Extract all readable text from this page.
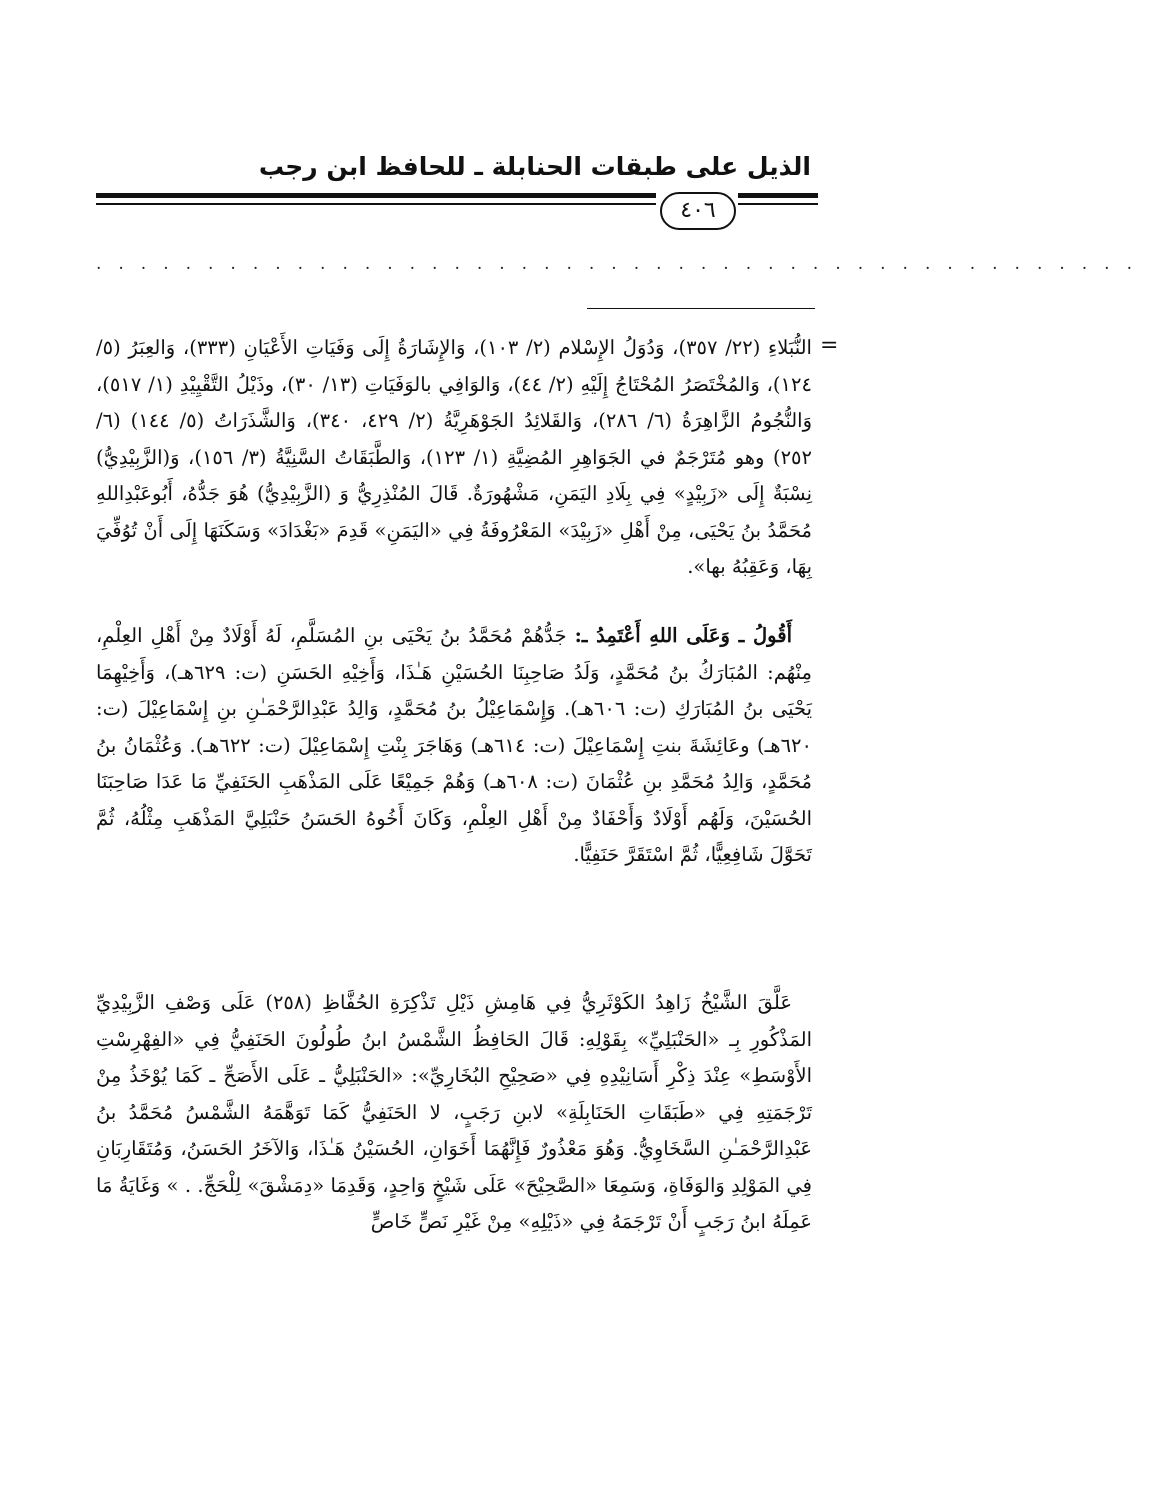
الذيل على طبقات الحنابلة ـ للحافظ ابن رجب
٤٠٦
...............................................
=
النُّبَلاءِ (٢٢/ ٣٥٧)، وَدُوَلُ الإِسْلام (٢/ ١٠٣)، وَالإِشَارَةُ إِلَى وَفَيَاتِ الأَعْيَانِ (٣٣٣)، وَالعِبَرُ (٥/ ١٢٤)، وَالمُخْتَصَرُ المُحْتَاجُ إِلَيْهِ (٢/ ٤٤)، وَالوَافِي بالوَفَيَاتِ (١٣/ ٣٠)، وذَيْلُ التَّقْيِيْدِ (١/ ٥١٧)، وَالنُّجُومُ الزَّاهِرَةُ (٦/ ٢٨٦)، وَالقَلائِدُ الجَوْهَرِيَّةُ (٢/ ٤٢٩، ٣٤٠)، وَالشَّذَرَاتُ (٥/ ١٤٤) (٦/ ٢٥٢) وهو مُتَرْجَمٌ في الجَوَاهِرِ المُضِيَّةِ (١/ ١٢٣)، وَالطَّبَقَاتُ السَّنِيَّةُ (٣/ ١٥٦)، وَ(الزَّبِيْدِيُّ) نِسْبَةٌ إِلَى «زَبِيْدٍ» فِي بِلَادِ اليَمَنِ، مَشْهُورَةٌ. قَالَ المُنْذِرِيُّ وَ (الزَّبِيْدِيُّ) هُوَ جَدُّهُ، أَبُوعَبْدِاللهِ مُحَمَّدُ بنُ يَحْيَى، مِنْ أَهْلِ «زَبِيْدَ» المَعْرُوفَةُ فِي «اليَمَنِ» قَدِمَ «بَغْدَادَ» وَسَكَنَهَا إِلَى أَنْ تُوُفِّيَ بِهَا، وَعَقِبُهُ بها».
أَقُولُ ـ وَعَلَى اللهِ أَعْتَمِدُ ـ: جَدُّهُمْ مُحَمَّدُ بنُ يَحْيَى بنِ المُسَلَّمِ، لَهُ أَوْلَادٌ مِنْ أَهْلِ العِلْمِ، مِنْهُم: المُبَارَكُ بنُ مُحَمَّدٍ، وَلَدُ صَاحِبِنَا الحُسَيْنِ هَـٰذَا، وَأَخِيْهِ الحَسَنِ (ت: ٦٢٩هـ)، وَأَخِيْهِمَا يَحْيَى بنُ المُبَارَكِ (ت: ٦٠٦هـ). وَإِسْمَاعِيْلُ بنُ مُحَمَّدٍ، وَالِدُ عَبْدِالرَّحْمَـٰنِ بنِ إِسْمَاعِيْلَ (ت: ٦٢٠هـ) وعَائِشَةَ بنتِ إِسْمَاعِيْلَ (ت: ٦١٤هـ) وَهَاجَرَ بِنْتِ إِسْمَاعِيْلَ (ت: ٦٢٢هـ). وَعُثْمَانُ بنُ مُحَمَّدٍ، وَالِدُ مُحَمَّدِ بنِ عُثْمَانَ (ت: ٦٠٨هـ) وَهُمْ جَمِيْعًا عَلَى المَذْهَبِ الحَنَفِيِّ مَا عَدَا صَاحِبَنَا الحُسَيْنَ، وَلَهُم أَوْلَادٌ وَأَحْفَادٌ مِنْ أَهْلِ العِلْمِ، وَكَانَ أَخُوهُ الحَسَنُ حَنْبَلِيَّ المَذْهَبِ مِثْلُهُ، ثُمَّ تَحَوَّلَ شَافِعِيًّا، ثُمَّ اسْتَقَرَّ حَنَفِيًّا.
عَلَّقَ الشَّيْخُ زَاهِدُ الكَوْثَرِيُّ فِي هَامِشِ ذَيْلِ تَذْكِرَةِ الحُفَّاظِ (٢٥٨) عَلَى وَصْفِ الزَّبِيْدِيِّ المَذْكُورِ بِـ «الحَنْبَلِيِّ» بِقَوْلِهِ: قَالَ الحَافِظُ الشَّمْسُ ابنُ طُولُونَ الحَنَفِيُّ فِي «الفِهْرِسْتِ الأَوْسَطِ» عِنْدَ ذِكْرِ أَسَانِيْدِهِ فِي «صَحِيْحِ البُخَارِيِّ»: «الحَنْبَلِيُّ ـ عَلَى الأَصَحِّ ـ كَمَا يُوْخَذُ مِنْ تَرْجَمَتِهِ فِي «طَبَقَاتِ الحَنَابِلَةِ» لابنِ رَجَبٍ، لا الحَنَفِيُّ كَمَا تَوَهَّمَهُ الشَّمْسُ مُحَمَّدُ بنُ عَبْدِالرَّحْمَـٰنِ السَّخَاوِيُّ. وَهُوَ مَعْذُورٌ فَإِنَّهُمَا أَخَوَانِ، الحُسَيْنُ هَـٰذَا، وَالآخَرُ الحَسَنُ، وَمُتَقَارِبَانِ فِي المَوْلِدِ وَالوَفَاةِ، وَسَمِعَا «الصَّحِيْحَ» عَلَى شَيْخٍ وَاحِدٍ، وَقَدِمَا «دِمَشْقَ» لِلْحَجِّ. . » وَغَايَةُ مَا عَمِلَهُ ابنُ رَجَبٍ أَنْ تَرْجَمَهُ فِي «ذَيْلِهِ» مِنْ غَيْرِ نَصٍّ خَاصٍّ
